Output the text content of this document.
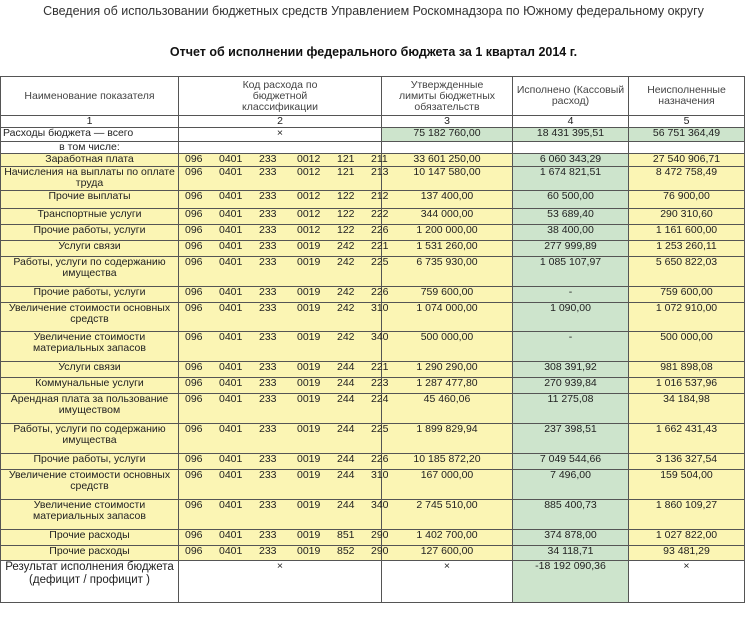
Сведения об использовании бюджетных средств Управлением Роскомнадзора по Южному федеральному округу
Отчет об исполнении федерального бюджета за 1 квартал 2014 г.
Наименование показателя	Код расхода по бюджетной классификации	Утвержденные лимиты бюджетных обязательств	Исполнено (Кассовый расход)	Неисполненные назначения
1	2	3	4	5
Расходы бюджета — всего	×	75 182 760,00	18 431 395,51	56 751 364,49
в том числе:				
Заработная плата	096 0401 233 0012 121 211	33 601 250,00	6 060 343,29	27 540 906,71
Начисления на выплаты по оплате труда	096 0401 233 0012 121 213	10 147 580,00	1 674 821,51	8 472 758,49
Прочие выплаты	096 0401 233 0012 122 212	137 400,00	60 500,00	76 900,00
Транспортные услуги	096 0401 233 0012 122 222	344 000,00	53 689,40	290 310,60
Прочие работы, услуги	096 0401 233 0012 122 226	1 200 000,00	38 400,00	1 161 600,00
Услуги связи	096 0401 233 0019 242 221	1 531 260,00	277 999,89	1 253 260,11
Работы, услуги по содержанию имущества	096 0401 233 0019 242 225	6 735 930,00	1 085 107,97	5 650 822,03
Прочие работы, услуги	096 0401 233 0019 242 226	759 600,00	-	759 600,00
Увеличение стоимости основных средств	096 0401 233 0019 242 310	1 074 000,00	1 090,00	1 072 910,00
Увеличение стоимости материальных запасов	096 0401 233 0019 242 340	500 000,00	-	500 000,00
Услуги связи	096 0401 233 0019 244 221	1 290 290,00	308 391,92	981 898,08
Коммунальные услуги	096 0401 233 0019 244 223	1 287 477,80	270 939,84	1 016 537,96
Арендная плата за пользование имуществом	096 0401 233 0019 244 224	45 460,06	11 275,08	34 184,98
Работы, услуги по содержанию имущества	096 0401 233 0019 244 225	1 899 829,94	237 398,51	1 662 431,43
Прочие работы, услуги	096 0401 233 0019 244 226	10 185 872,20	7 049 544,66	3 136 327,54
Увеличение стоимости основных средств	096 0401 233 0019 244 310	167 000,00	7 496,00	159 504,00
Увеличение стоимости материальных запасов	096 0401 233 0019 244 340	2 745 510,00	885 400,73	1 860 109,27
Прочие расходы	096 0401 233 0019 851 290	1 402 700,00	374 878,00	1 027 822,00
Прочие расходы	096 0401 233 0019 852 290	127 600,00	34 118,71	93 481,29
Результат исполнения бюджета (дефицит / профицит )	×	×	-18 192 090,36	×
